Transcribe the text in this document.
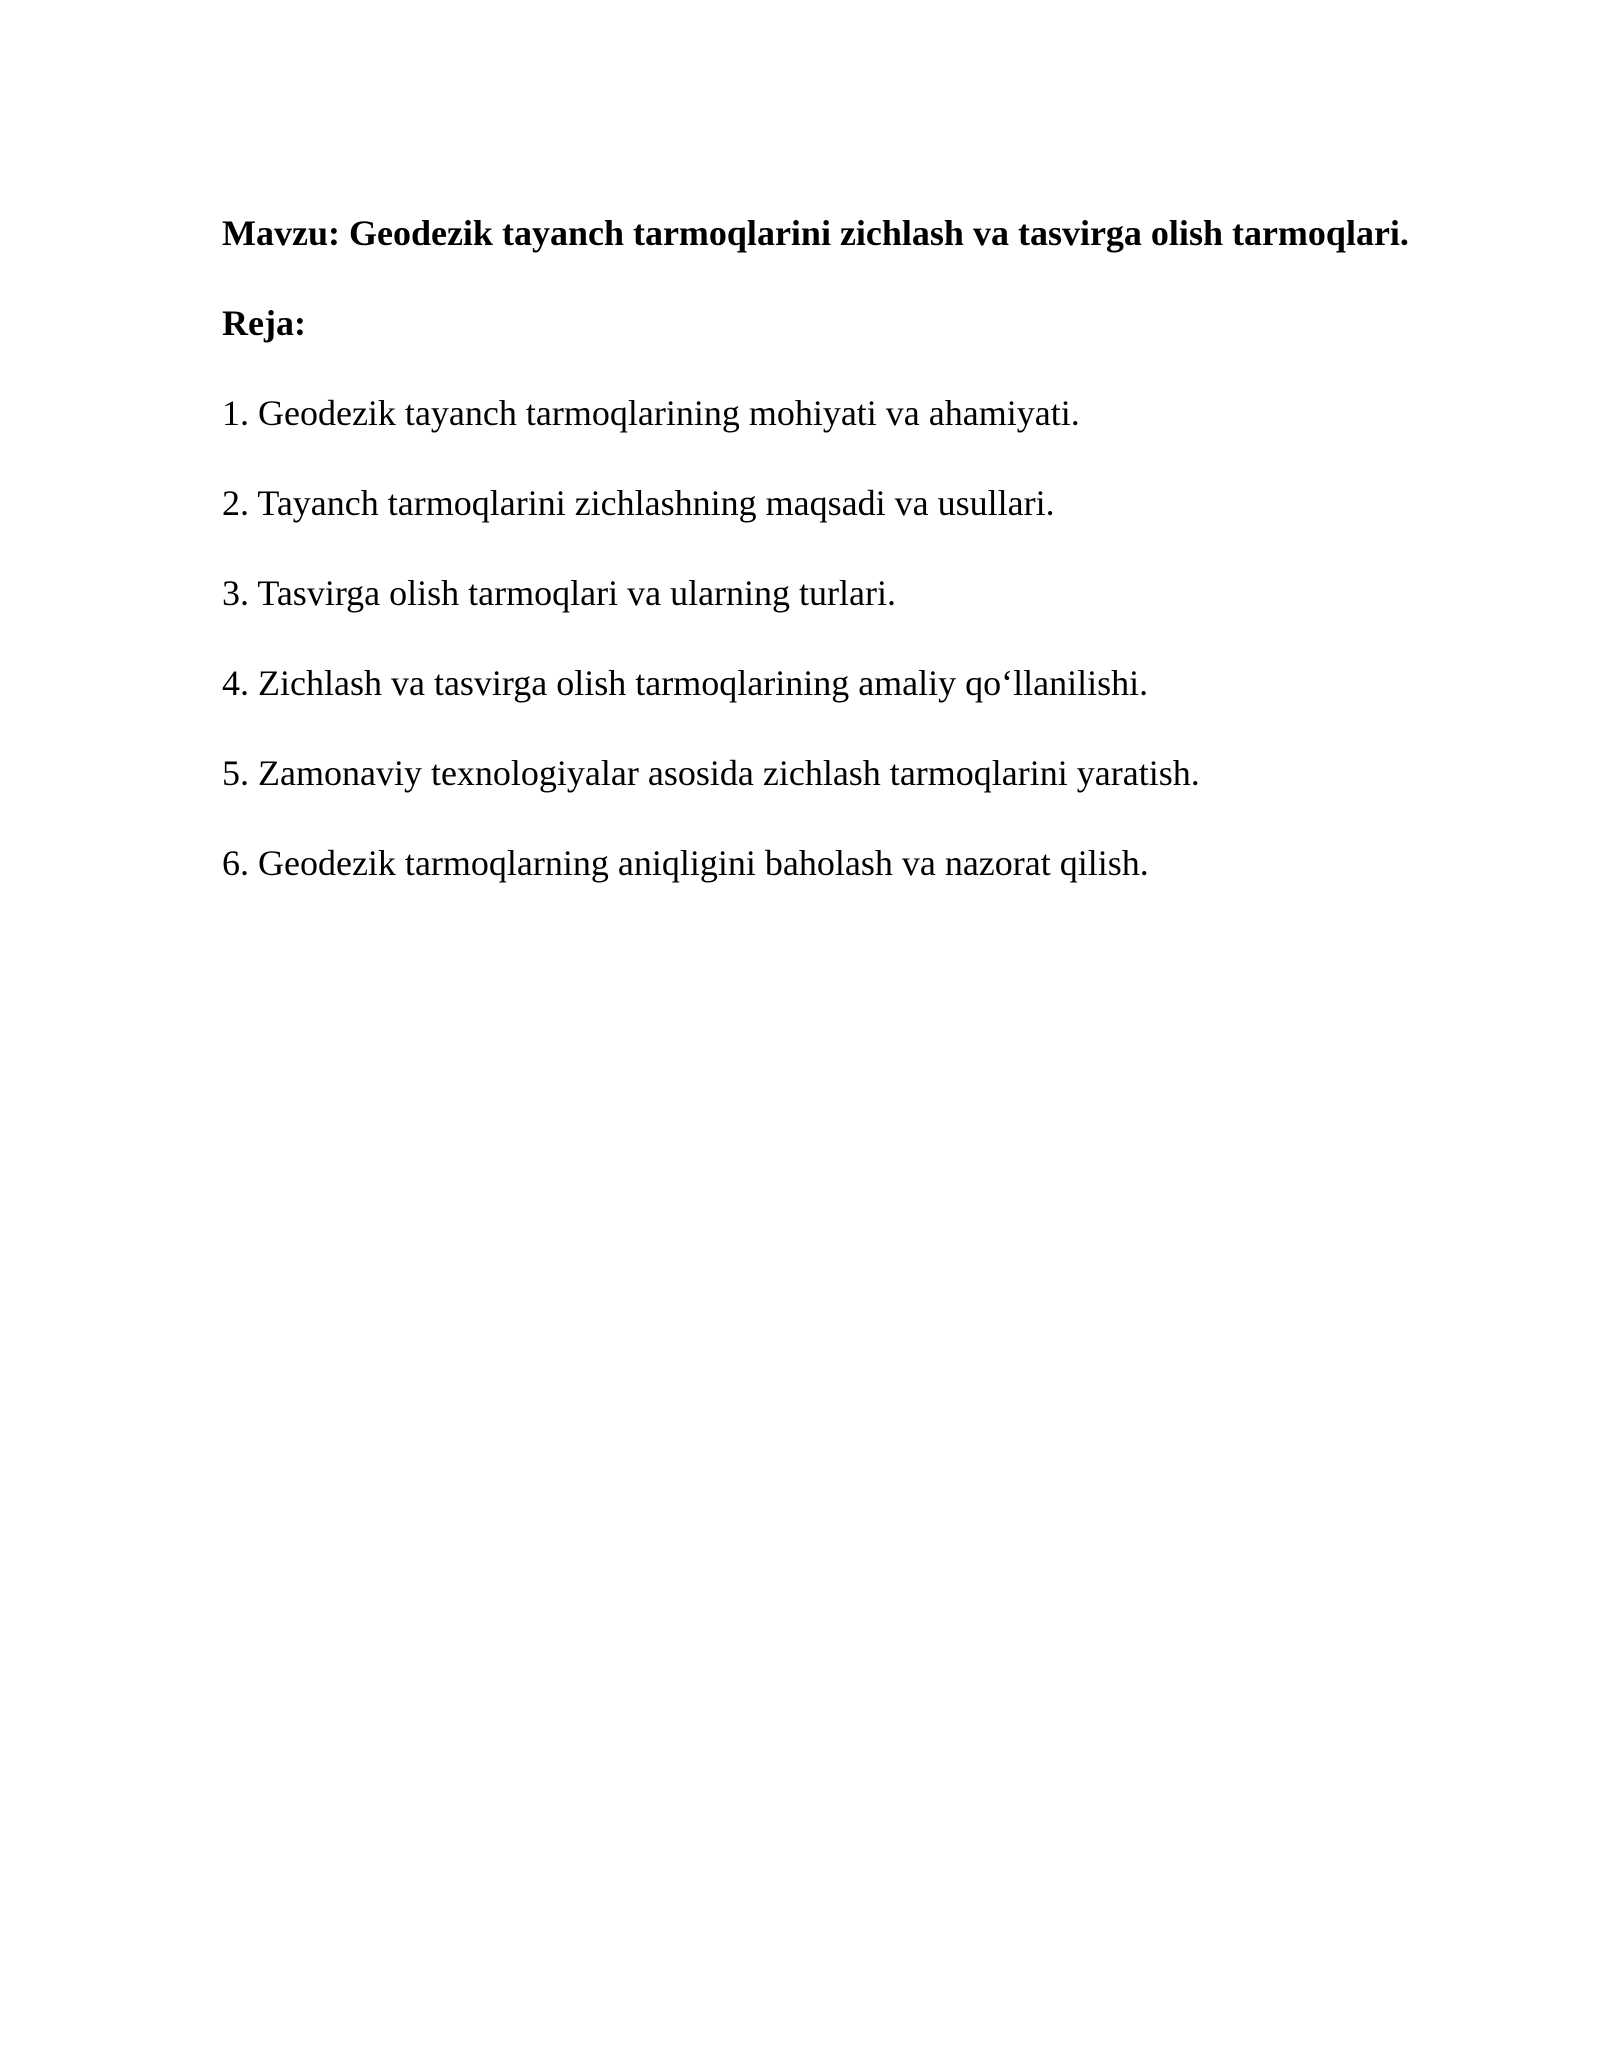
Mavzu: Geodezik tayanch tarmoqlarini zichlash va tasvirga olish tarmoqlari.

Reja:

1. Geodezik tayanch tarmoqlarining mohiyati va ahamiyati.
2. Tayanch tarmoqlarini zichlashning maqsadi va usullari.
3. Tasvirga olish tarmoqlari va ularning turlari.
4. Zichlash va tasvirga olish tarmoqlarining amaliy qo‘llanilishi.
5. Zamonaviy texnologiyalar asosida zichlash tarmoqlarini yaratish.
6. Geodezik tarmoqlarning aniqligini baholash va nazorat qilish.
